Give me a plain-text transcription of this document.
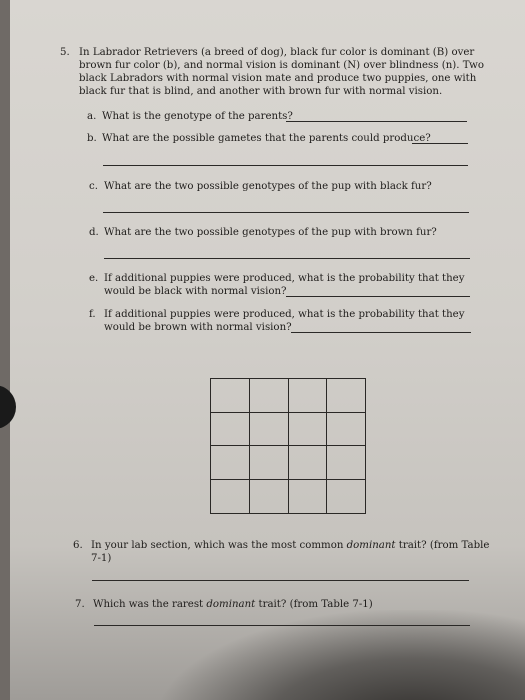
5. In Labrador Retrievers (a breed of dog), black fur color is dominant (B) over
brown fur color (b), and normal vision is dominant (N) over blindness (n). Two
black Labradors with normal vision mate and produce two puppies, one with
black fur that is blind, and another with brown fur with normal vision.
a. What is the genotype of the parents?
b. What are the possible gametes that the parents could produce?
c. What are the two possible genotypes of the pup with black fur?
d. What are the two possible genotypes of the pup with brown fur?
e. If additional puppies were produced, what is the probability that they
would be black with normal vision?
f. If additional puppies were produced, what is the probability that they
would be brown with normal vision?
6. In your lab section, which was the most common dominant trait? (from Table
7-1)
7. Which was the rarest dominant trait? (from Table 7-1)
